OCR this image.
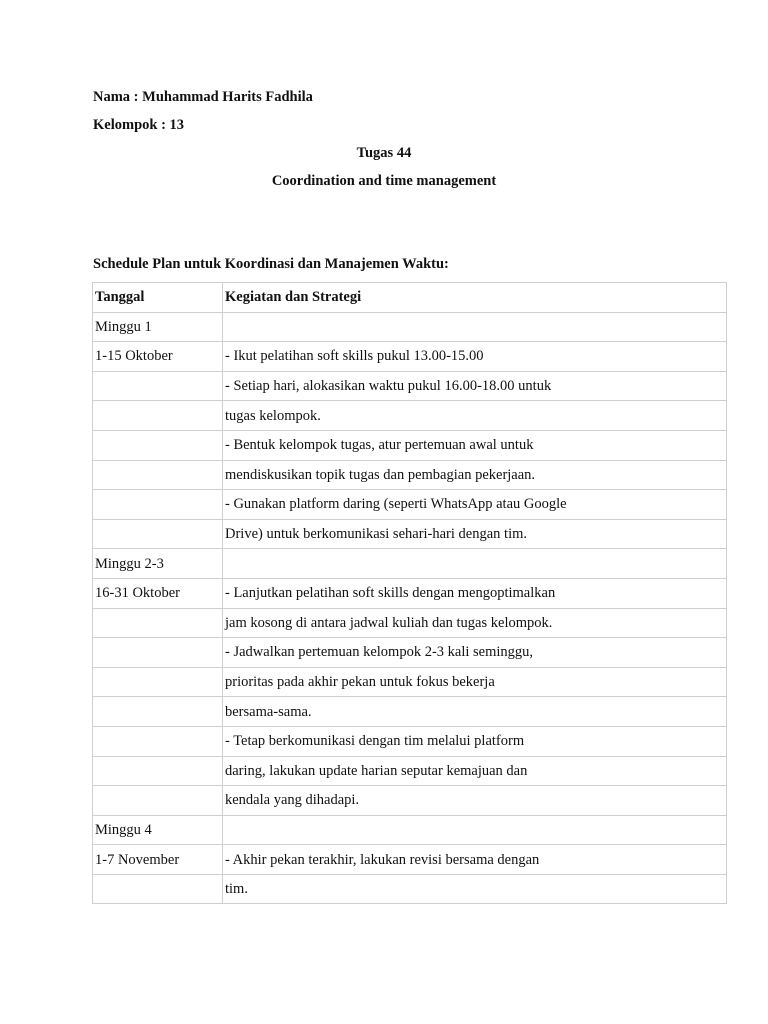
Nama : Muhammad Harits Fadhila
Kelompok : 13
Tugas 44
Coordination and time management
Schedule Plan untuk Koordinasi dan Manajemen Waktu:
Tanggal	Kegiatan dan Strategi
Minggu 1	
1-15 Oktober	- Ikut pelatihan soft skills pukul 13.00-15.00
	- Setiap hari, alokasikan waktu pukul 16.00-18.00 untuk
	tugas kelompok.
	- Bentuk kelompok tugas, atur pertemuan awal untuk
	mendiskusikan topik tugas dan pembagian pekerjaan.
	- Gunakan platform daring (seperti WhatsApp atau Google
	Drive) untuk berkomunikasi sehari-hari dengan tim.
Minggu 2-3	
16-31 Oktober	- Lanjutkan pelatihan soft skills dengan mengoptimalkan
	jam kosong di antara jadwal kuliah dan tugas kelompok.
	- Jadwalkan pertemuan kelompok 2-3 kali seminggu,
	prioritas pada akhir pekan untuk fokus bekerja
	bersama-sama.
	- Tetap berkomunikasi dengan tim melalui platform
	daring, lakukan update harian seputar kemajuan dan
	kendala yang dihadapi.
Minggu 4	
1-7 November	- Akhir pekan terakhir, lakukan revisi bersama dengan
	tim.
